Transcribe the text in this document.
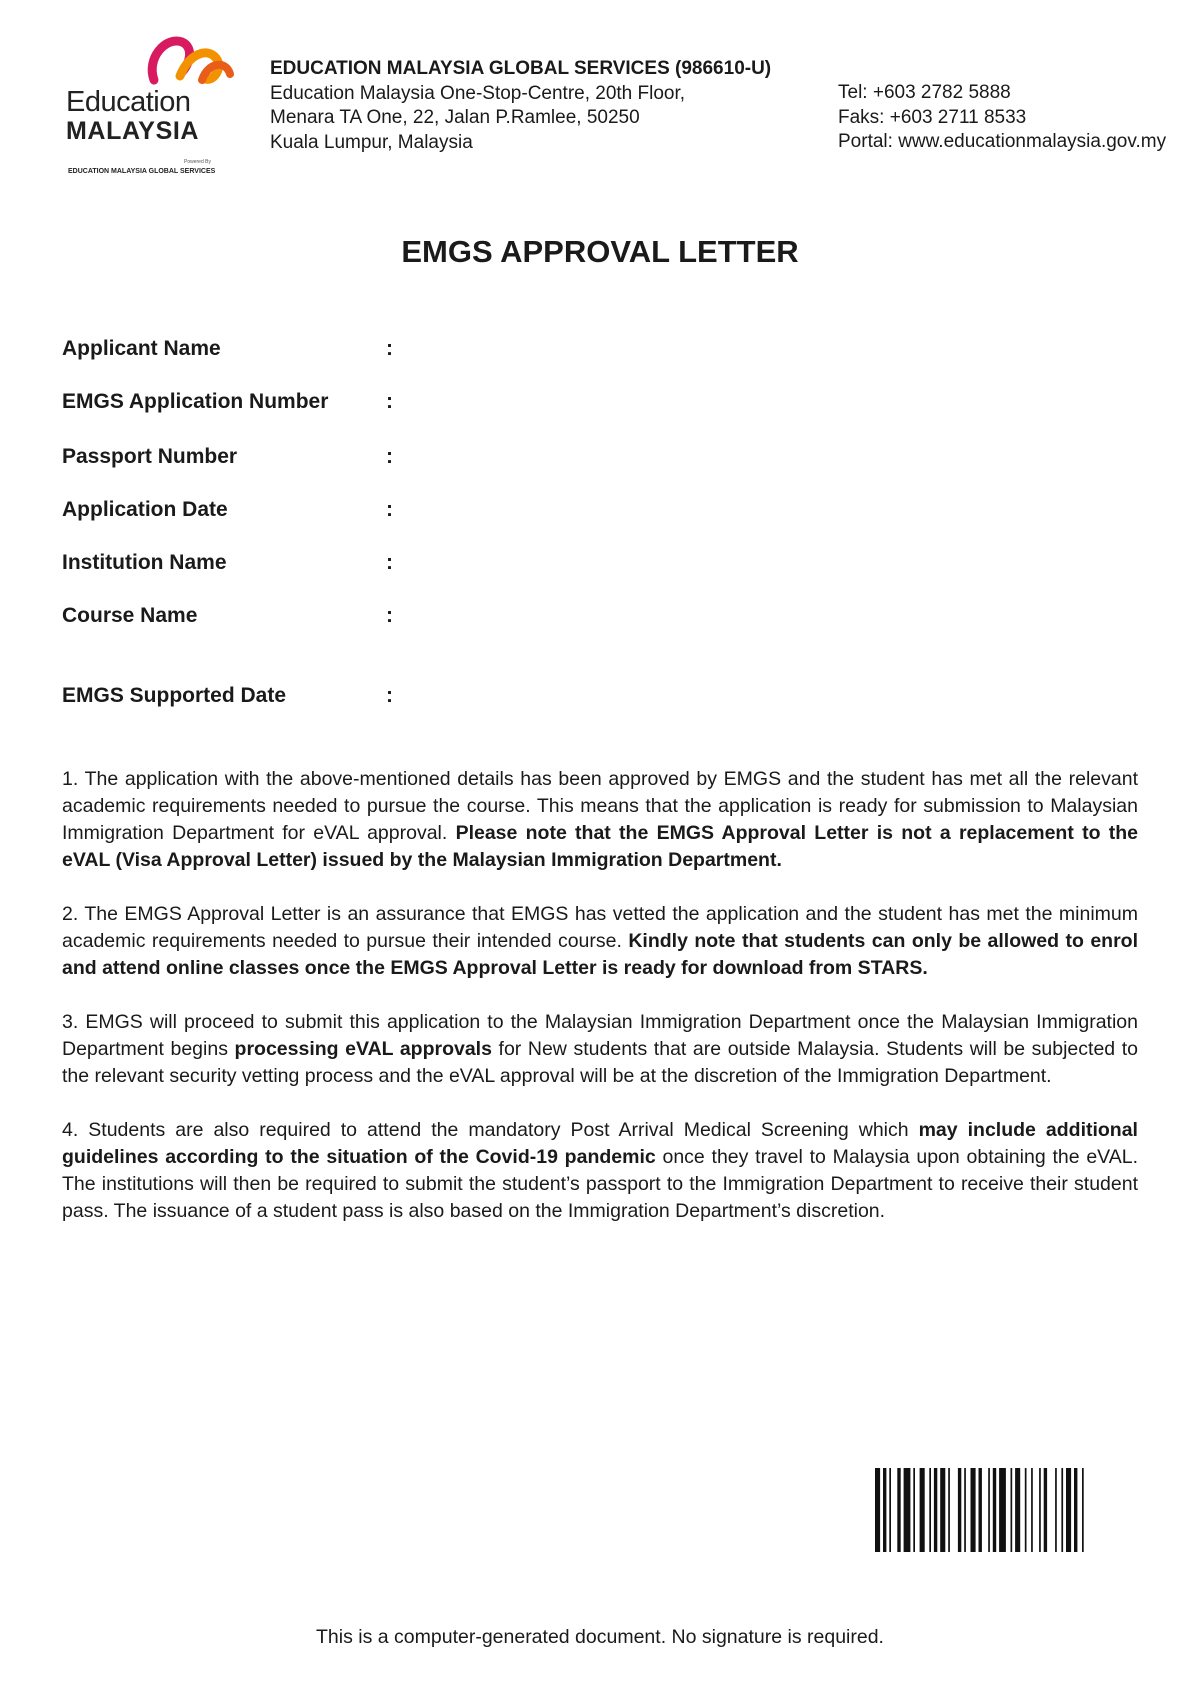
Education
MALAYSIA
Powered By
EDUCATION MALAYSIA GLOBAL SERVICES
EDUCATION MALAYSIA GLOBAL SERVICES (986610-U)
Education Malaysia One-Stop-Centre, 20th Floor,
Menara TA One, 22, Jalan P.Ramlee, 50250
Kuala Lumpur, Malaysia
Tel: +603 2782 5888
Faks: +603 2711 8533
Portal: www.educationmalaysia.gov.my
EMGS APPROVAL LETTER
Applicant Name	:
EMGS Application Number	:
Passport Number	:
Application Date	:
Institution Name	:
Course Name	:
EMGS Supported Date	:

1. The application with the above-mentioned details has been approved by EMGS and the student has met all the relevant academic requirements needed to pursue the course. This means that the application is ready for submission to Malaysian Immigration Department for eVAL approval. Please note that the EMGS Approval Letter is not a replacement to the eVAL (Visa Approval Letter) issued by the Malaysian Immigration Department.

2. The EMGS Approval Letter is an assurance that EMGS has vetted the application and the student has met the minimum academic requirements needed to pursue their intended course. Kindly note that students can only be allowed to enrol and attend online classes once the EMGS Approval Letter is ready for download from STARS.

3. EMGS will proceed to submit this application to the Malaysian Immigration Department once the Malaysian Immigration Department begins processing eVAL approvals for New students that are outside Malaysia. Students will be subjected to the relevant security vetting process and the eVAL approval will be at the discretion of the Immigration Department.

4. Students are also required to attend the mandatory Post Arrival Medical Screening which may include additional guidelines according to the situation of the Covid-19 pandemic once they travel to Malaysia upon obtaining the eVAL. The institutions will then be required to submit the student’s passport to the Immigration Department to receive their student pass. The issuance of a student pass is also based on the Immigration Department’s discretion.

This is a computer-generated document. No signature is required.
